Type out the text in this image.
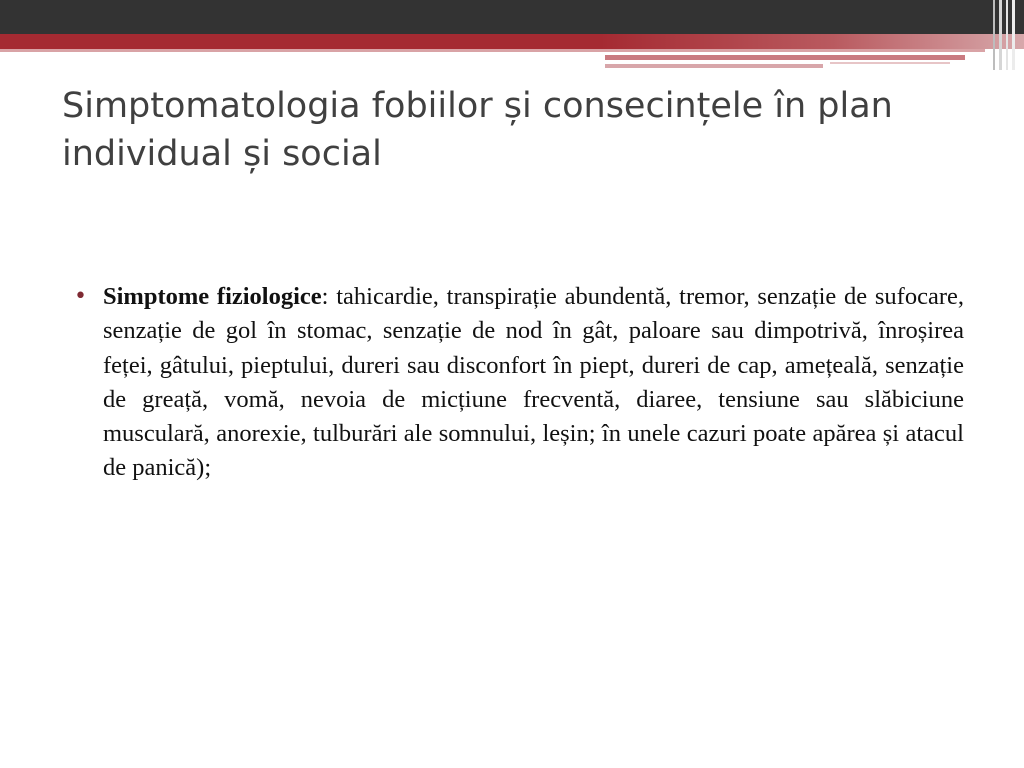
Simptomatologia fobiilor și consecințele în plan individual și social
• Simptome fiziologice: tahicardie, transpirație abundentă, tremor, senzație de sufocare, senzație de gol în stomac, senzație de nod în gât, paloare sau dimpotrivă, înroșirea feței, gâtului, pieptului, dureri sau disconfort în piept, dureri de cap, amețeală, senzație de greață, vomă, nevoia de micțiune frecventă, diaree, tensiune sau slăbiciune musculară, anorexie, tulburări ale somnului, leșin; în unele cazuri poate apărea și atacul de panică);
